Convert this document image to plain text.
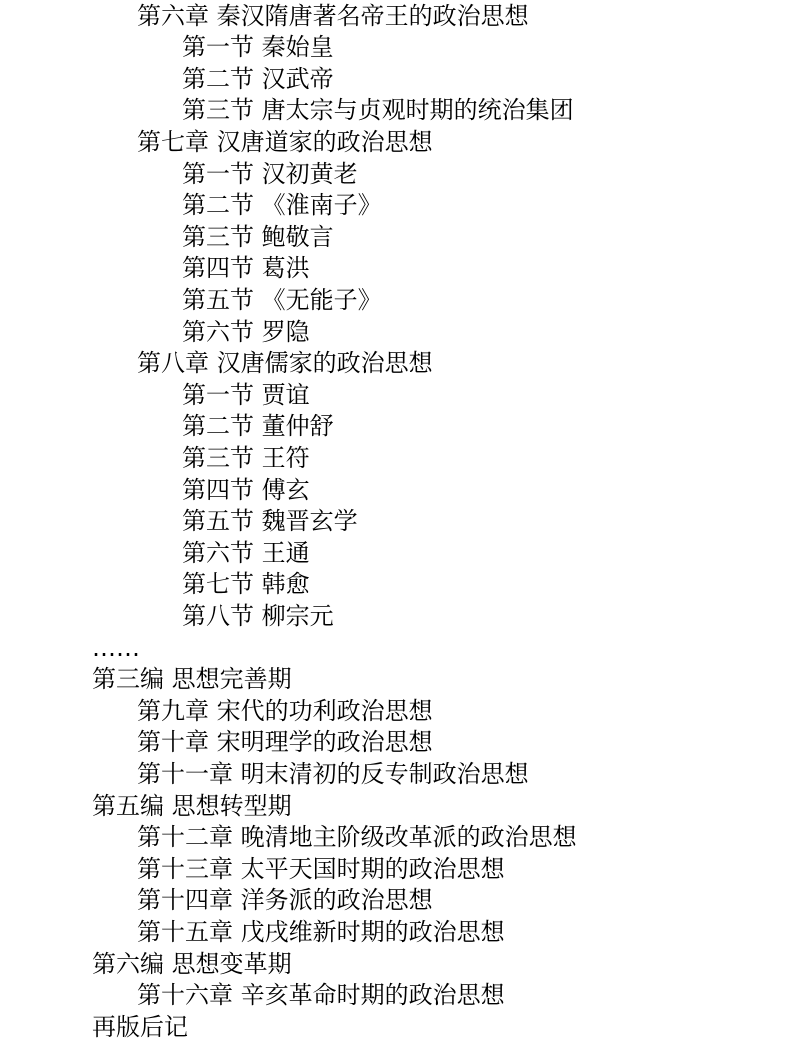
第六章 秦汉隋唐著名帝王的政治思想
第一节 秦始皇
第二节 汉武帝
第三节 唐太宗与贞观时期的统治集团
第七章 汉唐道家的政治思想
第一节 汉初黄老
第二节 《淮南子》
第三节 鲍敬言
第四节 葛洪
第五节 《无能子》
第六节 罗隐
第八章 汉唐儒家的政治思想
第一节 贾谊
第二节 董仲舒
第三节 王符
第四节 傅玄
第五节 魏晋玄学
第六节 王通
第七节 韩愈
第八节 柳宗元
……
第三编 思想完善期
第九章 宋代的功利政治思想
第十章 宋明理学的政治思想
第十一章 明末清初的反专制政治思想
第五编 思想转型期
第十二章 晚清地主阶级改革派的政治思想
第十三章 太平天国时期的政治思想
第十四章 洋务派的政治思想
第十五章 戊戌维新时期的政治思想
第六编 思想变革期
第十六章 辛亥革命时期的政治思想
再版后记
